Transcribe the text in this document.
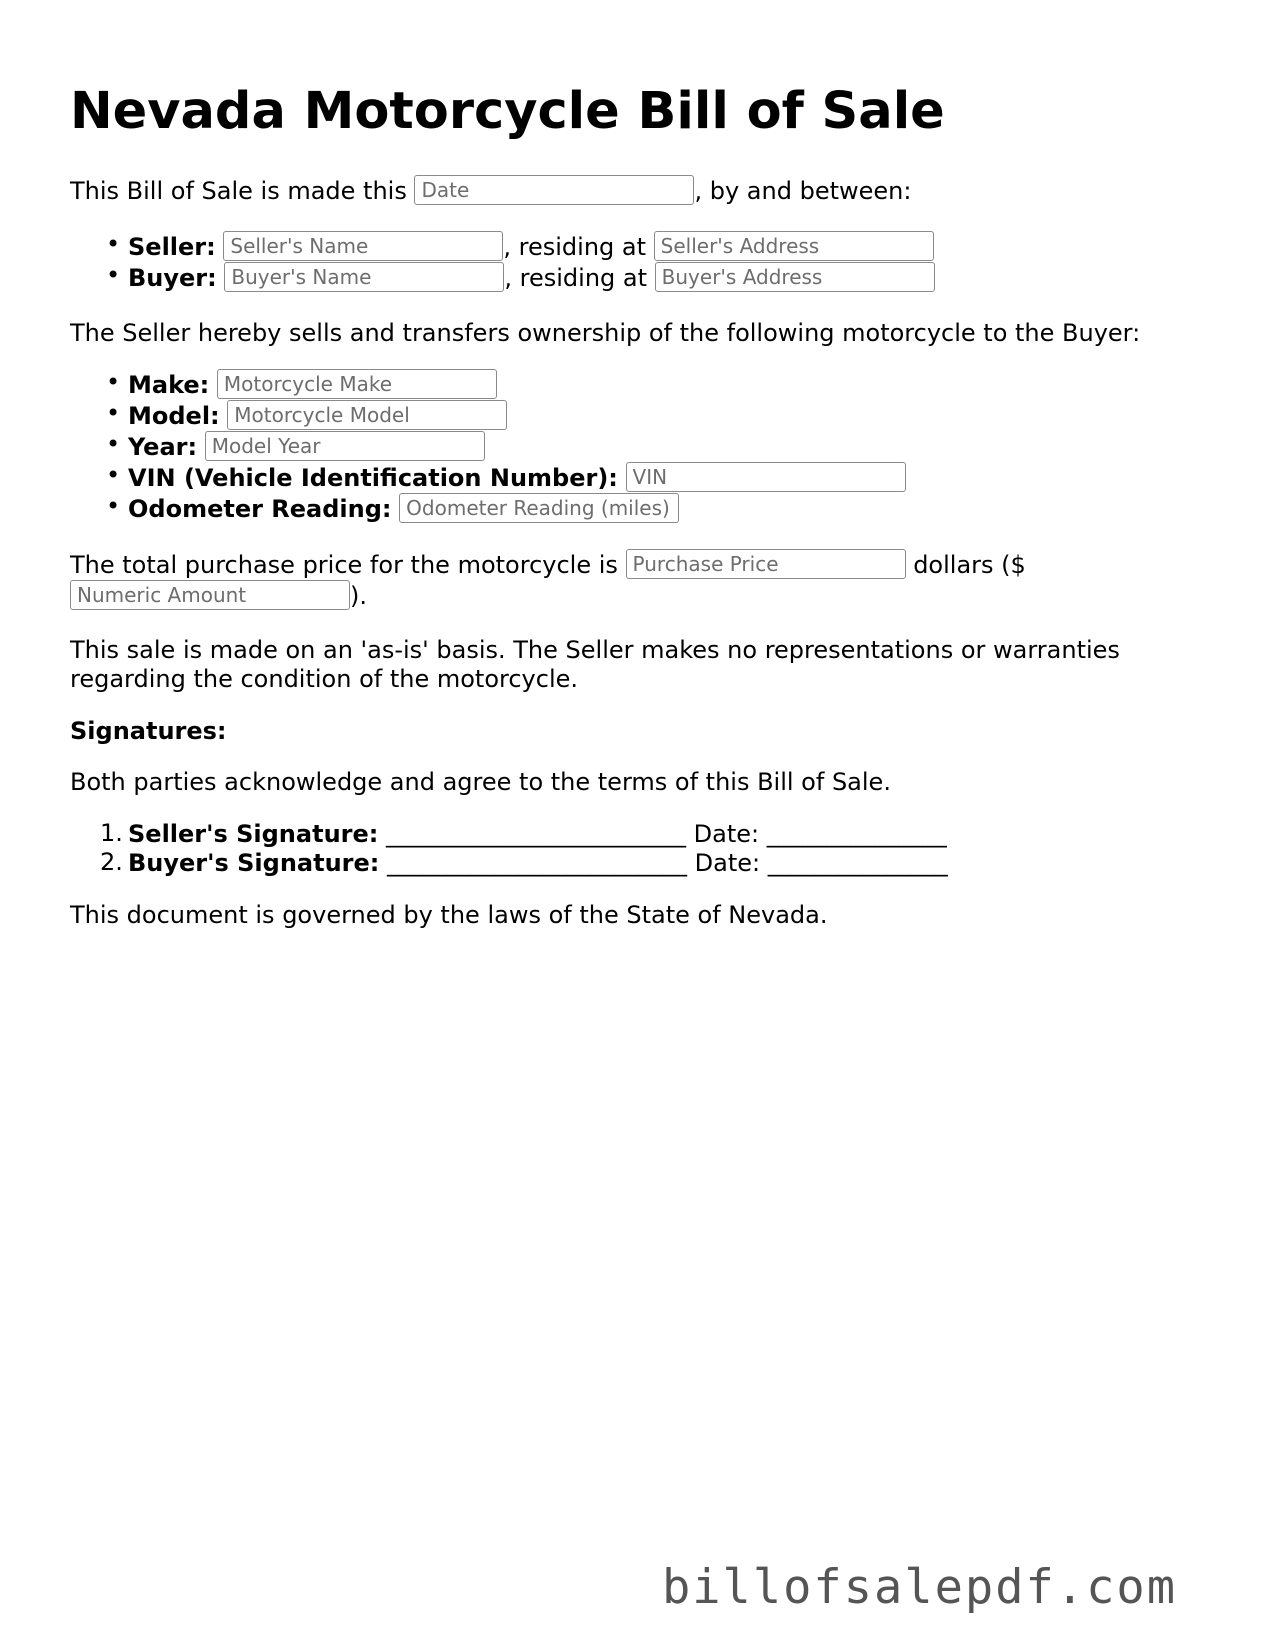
Nevada Motorcycle Bill of Sale
This Bill of Sale is made this Date	, by and between:
• Seller: Seller's Name	, residing at Seller's Address
• Buyer: Buyer's Name	, residing at Buyer's Address
The Seller hereby sells and transfers ownership of the following motorcycle to the Buyer:
• Make: Motorcycle Make
• Model: Motorcycle Model
• Year: Model Year
• VIN (Vehicle Identification Number): VIN
• Odometer Reading: Odometer Reading (miles)
The total purchase price for the motorcycle is Purchase Price	dollars ($
Numeric Amount).
This sale is made on an 'as-is' basis. The Seller makes no representations or warranties regarding the condition of the motorcycle.
Signatures:
Both parties acknowledge and agree to the terms of this Bill of Sale.
1. Seller's Signature: _________________________ Date: _______________
2. Buyer's Signature: _________________________ Date: _______________
This document is governed by the laws of the State of Nevada.
billofsalepdf.com
